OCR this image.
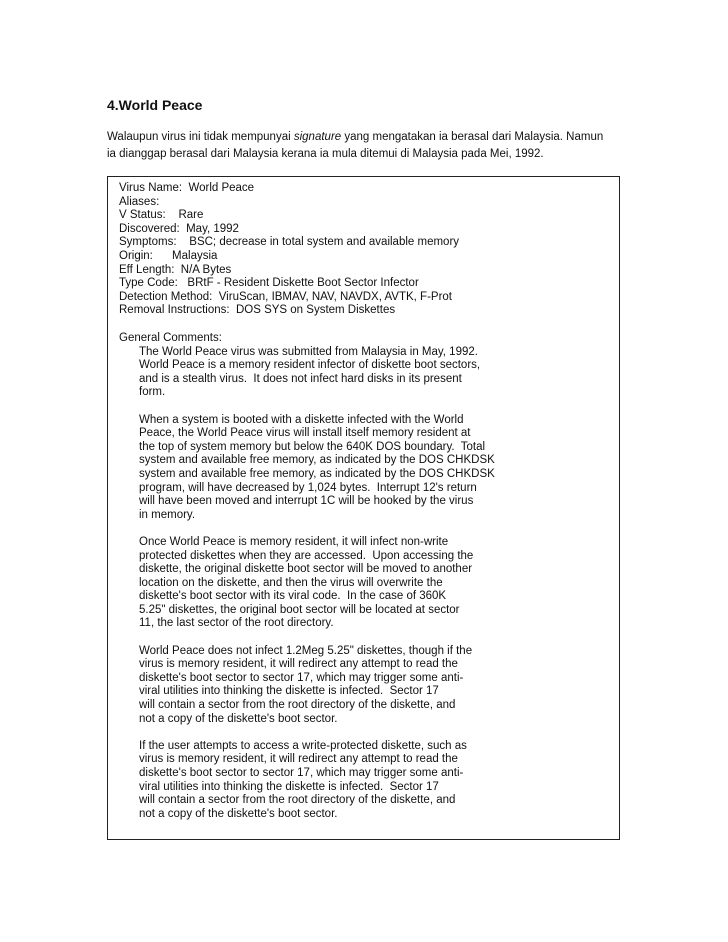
4.World Peace
Walaupun virus ini tidak mempunyai signature yang mengatakan ia berasal dari Malaysia. Namun
ia dianggap berasal dari Malaysia kerana ia mula ditemui di Malaysia pada Mei, 1992.
Virus Name:  World Peace
Aliases:
V Status:    Rare
Discovered:  May, 1992
Symptoms:    BSC; decrease in total system and available memory
Origin:      Malaysia
Eff Length:  N/A Bytes
Type Code:   BRtF - Resident Diskette Boot Sector Infector
Detection Method:  ViruScan, IBMAV, NAV, NAVDX, AVTK, F-Prot
Removal Instructions:  DOS SYS on System Diskettes
General Comments:
The World Peace virus was submitted from Malaysia in May, 1992.
World Peace is a memory resident infector of diskette boot sectors,
and is a stealth virus.  It does not infect hard disks in its present
form.
When a system is booted with a diskette infected with the World
Peace, the World Peace virus will install itself memory resident at
the top of system memory but below the 640K DOS boundary.  Total
system and available free memory, as indicated by the DOS CHKDSK
system and available free memory, as indicated by the DOS CHKDSK
program, will have decreased by 1,024 bytes.  Interrupt 12's return
will have been moved and interrupt 1C will be hooked by the virus
in memory.
Once World Peace is memory resident, it will infect non-write
protected diskettes when they are accessed.  Upon accessing the
diskette, the original diskette boot sector will be moved to another
location on the diskette, and then the virus will overwrite the
diskette's boot sector with its viral code.  In the case of 360K
5.25" diskettes, the original boot sector will be located at sector
11, the last sector of the root directory.
World Peace does not infect 1.2Meg 5.25" diskettes, though if the
virus is memory resident, it will redirect any attempt to read the
diskette's boot sector to sector 17, which may trigger some anti-
viral utilities into thinking the diskette is infected.  Sector 17
will contain a sector from the root directory of the diskette, and
not a copy of the diskette's boot sector.
If the user attempts to access a write-protected diskette, such as
virus is memory resident, it will redirect any attempt to read the
diskette's boot sector to sector 17, which may trigger some anti-
viral utilities into thinking the diskette is infected.  Sector 17
will contain a sector from the root directory of the diskette, and
not a copy of the diskette's boot sector.
